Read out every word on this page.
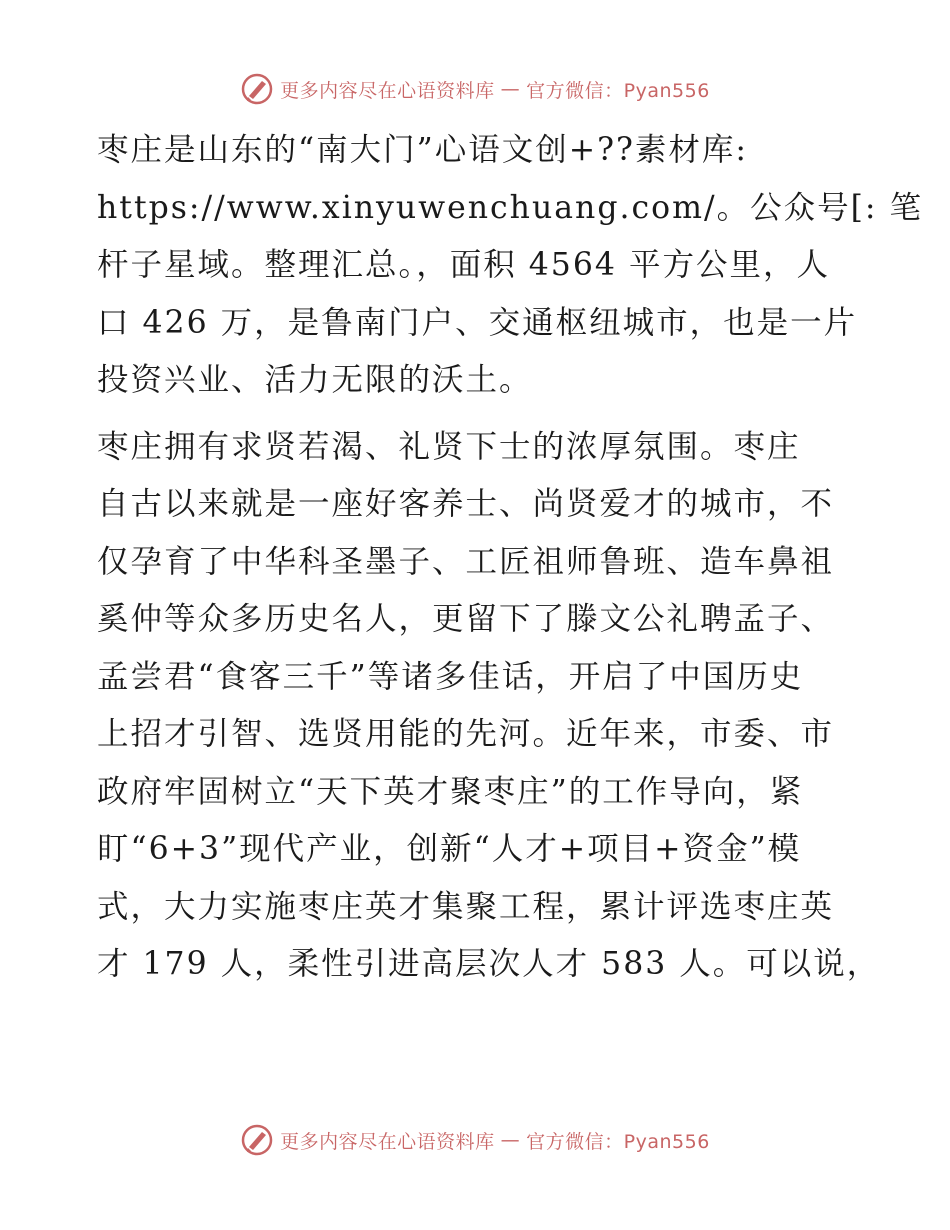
更多内容尽在心语资料库 — 官方微信：Pyan556
枣庄是山东的“南大门”心语文创+??素材库:
https://www.xinyuwenchuang.com/。公众号[: 笔
杆子星域。整理汇总。，面积 4564 平方公里，人
口 426 万，是鲁南门户、交通枢纽城市，也是一片
投资兴业、活力无限的沃土。
枣庄拥有求贤若渴、礼贤下士的浓厚氛围。枣庄
自古以来就是一座好客养士、尚贤爱才的城市，不
仅孕育了中华科圣墨子、工匠祖师鲁班、造车鼻祖
奚仲等众多历史名人，更留下了滕文公礼聘孟子、
孟尝君“食客三千”等诸多佳话，开启了中国历史
上招才引智、选贤用能的先河。近年来，市委、市
政府牢固树立“天下英才聚枣庄”的工作导向，紧
盯“6+3”现代产业，创新“人才+项目+资金”模
式，大力实施枣庄英才集聚工程，累计评选枣庄英
才 179 人，柔性引进高层次人才 583 人。可以说，
更多内容尽在心语资料库 — 官方微信：Pyan556
